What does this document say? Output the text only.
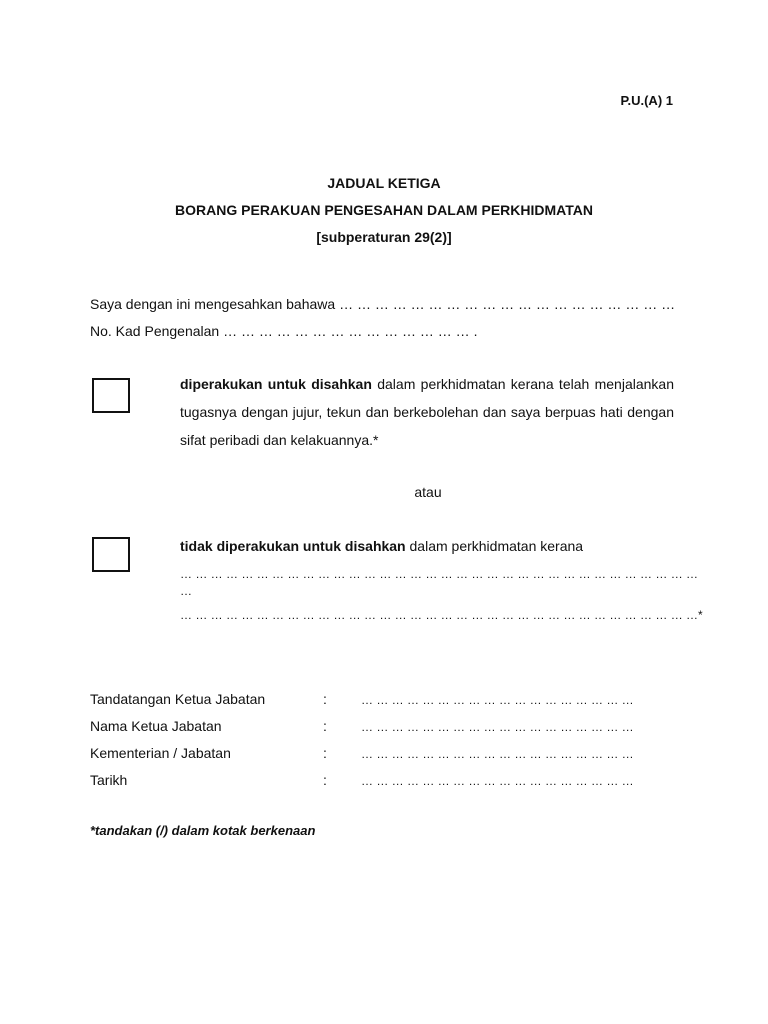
P.U.(A) 1
JADUAL KETIGA
BORANG PERAKUAN PENGESAHAN DALAM PERKHIDMATAN
[subperaturan 29(2)]
Saya dengan ini mengesahkan bahawa … … … … … … … … … … … … … … … … … … …
No. Kad Pengenalan … … … … … … … … … … … … … … .
diperakukan untuk disahkan dalam perkhidmatan kerana telah menjalankan tugasnya dengan jujur, tekun dan berkebolehan dan saya berpuas hati dengan sifat peribadi dan kelakuannya.*
atau
tidak diperakukan untuk disahkan dalam perkhidmatan kerana
… … … … … … … … … … … … … … … … … … … … … … … … … … … … … … … … … …
…
… … … … … … … … … … … … … … … … … … … … … … … … … … … … … … … … … …*
Tandatangan Ketua Jabatan	:	… … … … … … … … … … … … … … … … … …
Nama Ketua Jabatan	:	… … … … … … … … … … … … … … … … … …
Kementerian / Jabatan	:	… … … … … … … … … … … … … … … … … …
Tarikh	:	… … … … … … … … … … … … … … … … … …
*tandakan (/) dalam kotak berkenaan
